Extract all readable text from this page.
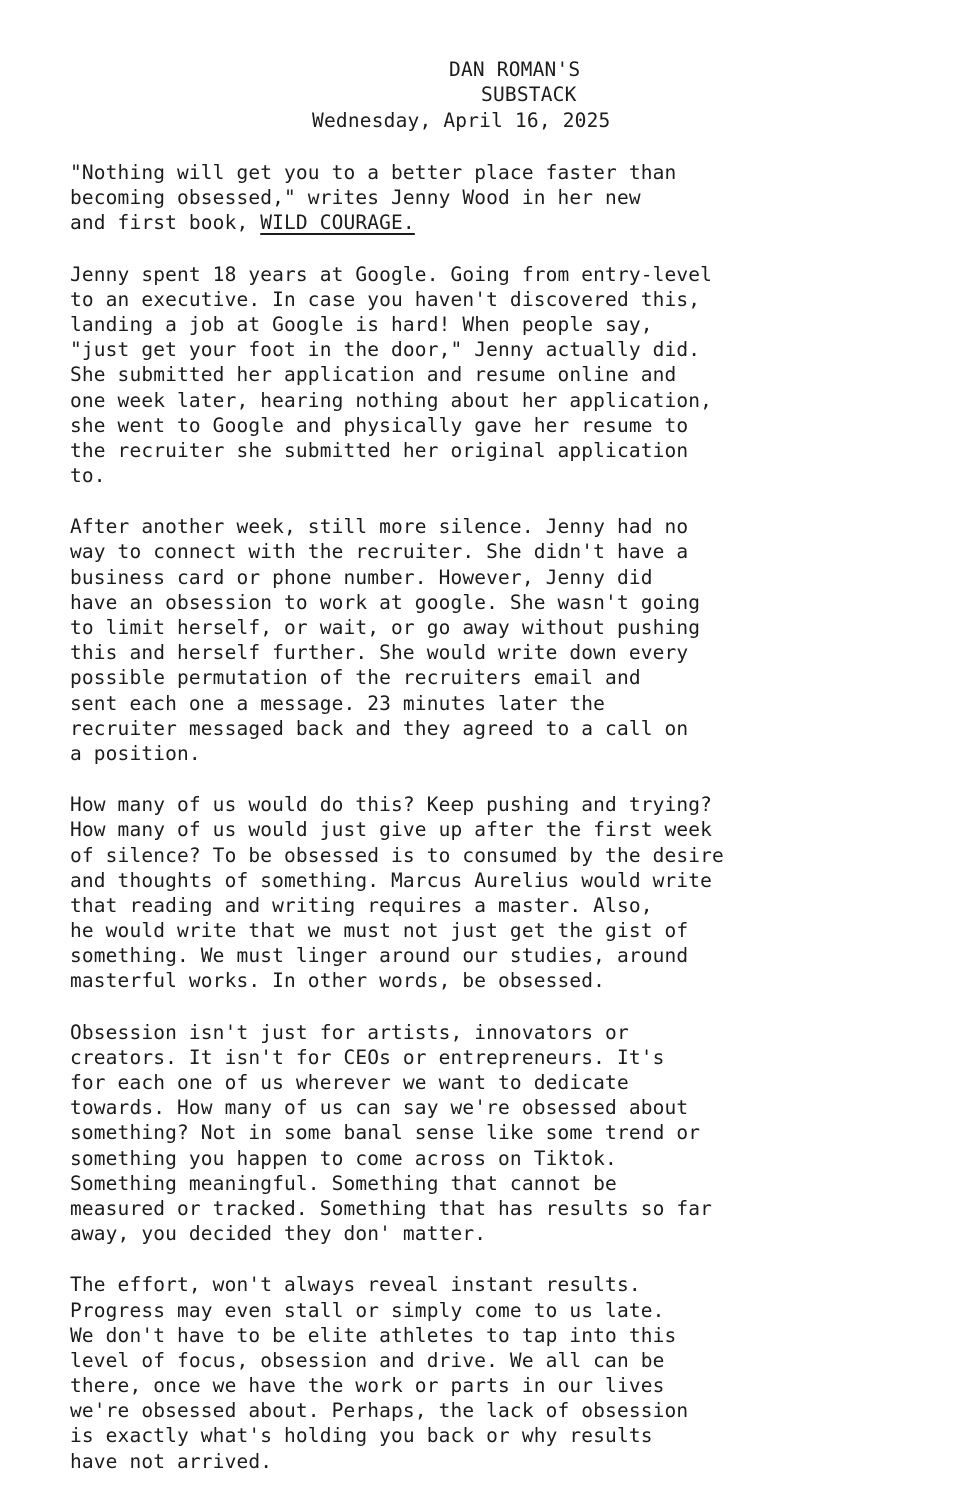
DAN ROMAN'S
SUBSTACK
Wednesday, April 16, 2025
"Nothing will get you to a better place faster than
becoming obsessed," writes Jenny Wood in her new
and first book, WILD COURAGE.
Jenny spent 18 years at Google. Going from entry-level
to an executive. In case you haven't discovered this,
landing a job at Google is hard! When people say,
"just get your foot in the door," Jenny actually did.
She submitted her application and resume online and
one week later, hearing nothing about her application,
she went to Google and physically gave her resume to
the recruiter she submitted her original application
to.
After another week, still more silence. Jenny had no
way to connect with the recruiter. She didn't have a
business card or phone number. However, Jenny did
have an obsession to work at google. She wasn't going
to limit herself, or wait, or go away without pushing
this and herself further. She would write down every
possible permutation of the recruiters email and
sent each one a message. 23 minutes later the
recruiter messaged back and they agreed to a call on
a position.
How many of us would do this? Keep pushing and trying?
How many of us would just give up after the first week
of silence? To be obsessed is to consumed by the desire
and thoughts of something. Marcus Aurelius would write
that reading and writing requires a master. Also,
he would write that we must not just get the gist of
something. We must linger around our studies, around
masterful works. In other words, be obsessed.
Obsession isn't just for artists, innovators or
creators. It isn't for CEOs or entrepreneurs. It's
for each one of us wherever we want to dedicate
towards. How many of us can say we're obsessed about
something? Not in some banal sense like some trend or
something you happen to come across on Tiktok.
Something meaningful. Something that cannot be
measured or tracked. Something that has results so far
away, you decided they don' matter.
The effort, won't always reveal instant results.
Progress may even stall or simply come to us late.
We don't have to be elite athletes to tap into this
level of focus, obsession and drive. We all can be
there, once we have the work or parts in our lives
we're obsessed about. Perhaps, the lack of obsession
is exactly what's holding you back or why results
have not arrived.
